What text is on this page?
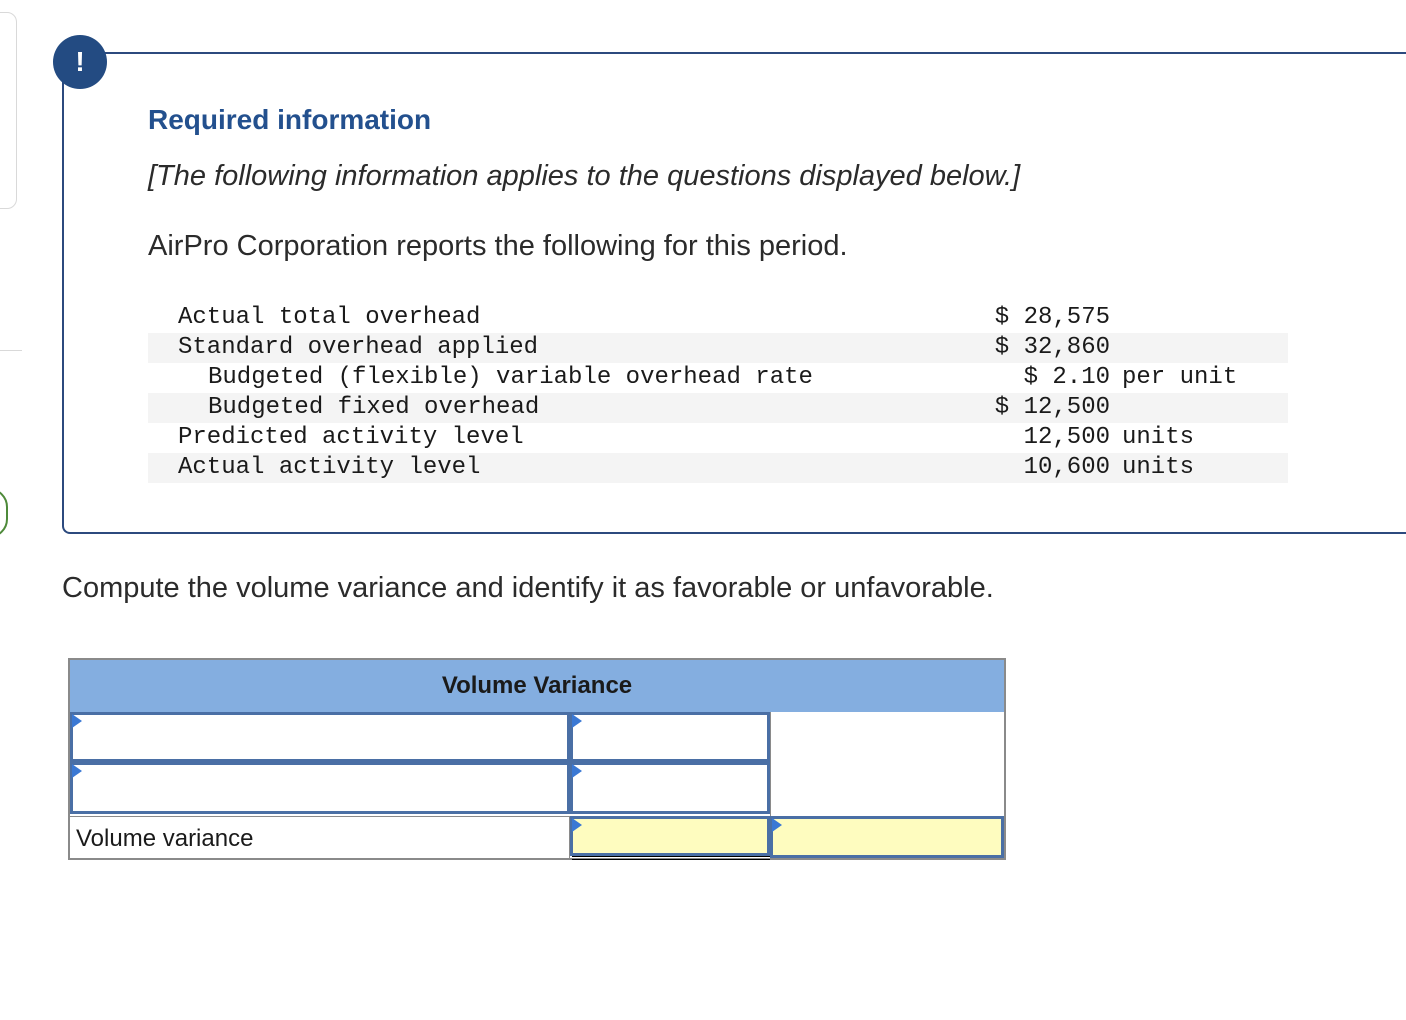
!
Required information
[The following information applies to the questions displayed below.]
AirPro Corporation reports the following for this period.
Actual total overhead	$ 28,575
Standard overhead applied	$ 32,860
Budgeted (flexible) variable overhead rate	$ 2.10 per unit
Budgeted fixed overhead	$ 12,500
Predicted activity level	12,500 units
Actual activity level	10,600 units
Compute the volume variance and identify it as favorable or unfavorable.
Volume Variance
Volume variance
